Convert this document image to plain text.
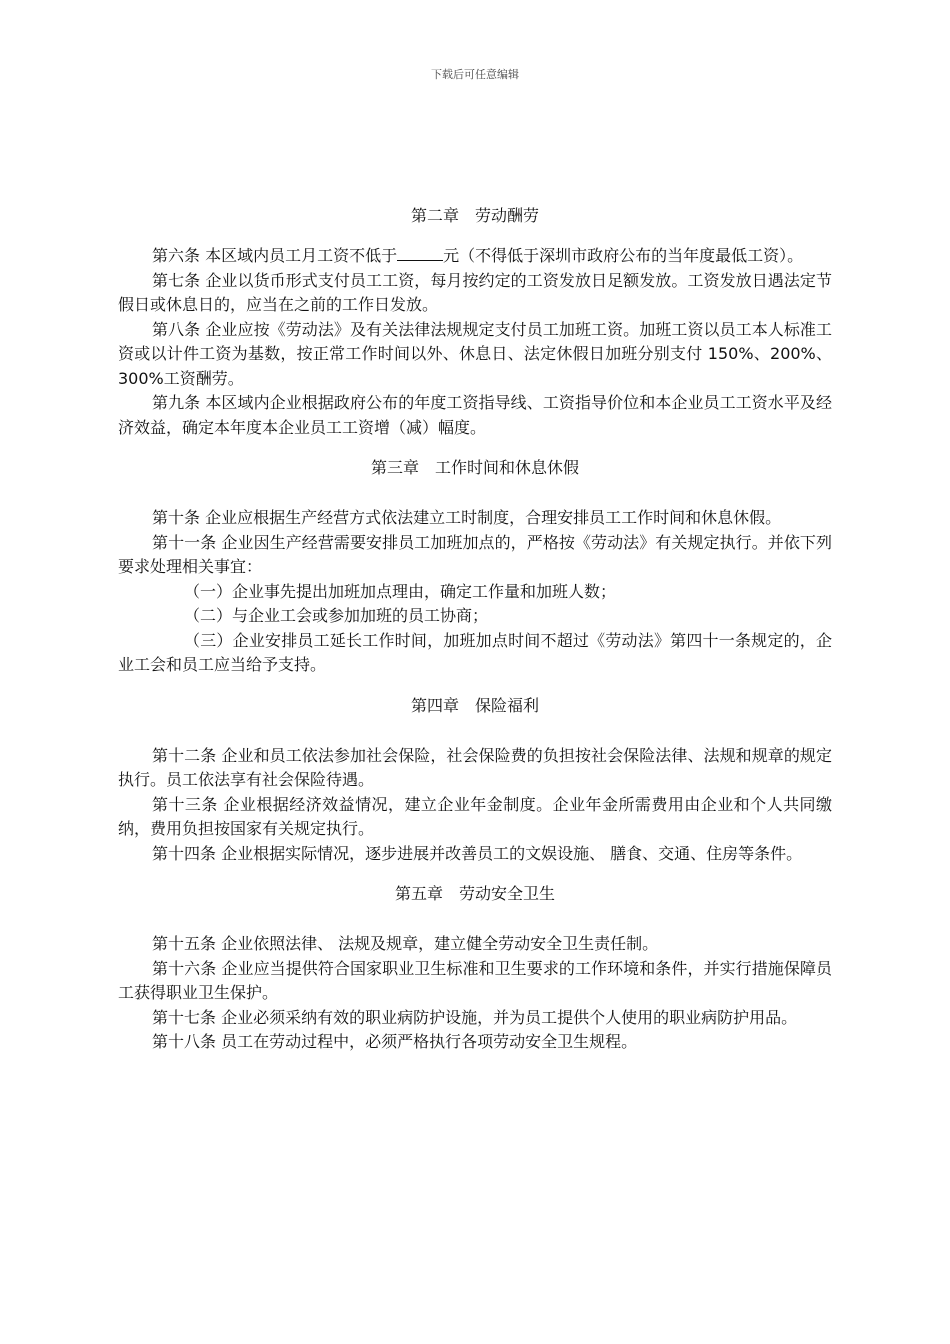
下载后可任意编辑

第二章 劳动酬劳

第六条 本区域内员工月工资不低于	元（不得低于深圳市政府公布的当年度最低工资）。

第七条 企业以货币形式支付员工工资，每月按约定的工资发放日足额发放。工资发放日遇法定节假日或休息日的，应当在之前的工作日发放。

第八条 企业应按《劳动法》及有关法律法规规定支付员工加班工资。加班工资以员工本人标准工资或以计件工资为基数，按正常工作时间以外、休息日、法定休假日加班分别支付 150%、200%、300%工资酬劳。

第九条 本区域内企业根据政府公布的年度工资指导线、工资指导价位和本企业员工工资水平及经济效益，确定本年度本企业员工工资增（减）幅度。

第三章 工作时间和休息休假

第十条 企业应根据生产经营方式依法建立工时制度，合理安排员工工作时间和休息休假。

第十一条 企业因生产经营需要安排员工加班加点的，严格按《劳动法》有关规定执行。并依下列要求处理相关事宜：

（一）企业事先提出加班加点理由，确定工作量和加班人数；

（二）与企业工会或参加加班的员工协商；

（三）企业安排员工延长工作时间，加班加点时间不超过《劳动法》第四十一条规定的，企业工会和员工应当给予支持。

第四章 保险福利

第十二条 企业和员工依法参加社会保险，社会保险费的负担按社会保险法律、法规和规章的规定执行。员工依法享有社会保险待遇。

第十三条 企业根据经济效益情况，建立企业年金制度。企业年金所需费用由企业和个人共同缴纳，费用负担按国家有关规定执行。

第十四条 企业根据实际情况，逐步进展并改善员工的文娱设施、 膳食、交通、住房等条件。

第五章 劳动安全卫生

第十五条 企业依照法律、 法规及规章，建立健全劳动安全卫生责任制。

第十六条 企业应当提供符合国家职业卫生标准和卫生要求的工作环境和条件，并实行措施保障员工获得职业卫生保护。

第十七条 企业必须采纳有效的职业病防护设施，并为员工提供个人使用的职业病防护用品。

第十八条 员工在劳动过程中，必须严格执行各项劳动安全卫生规程。
